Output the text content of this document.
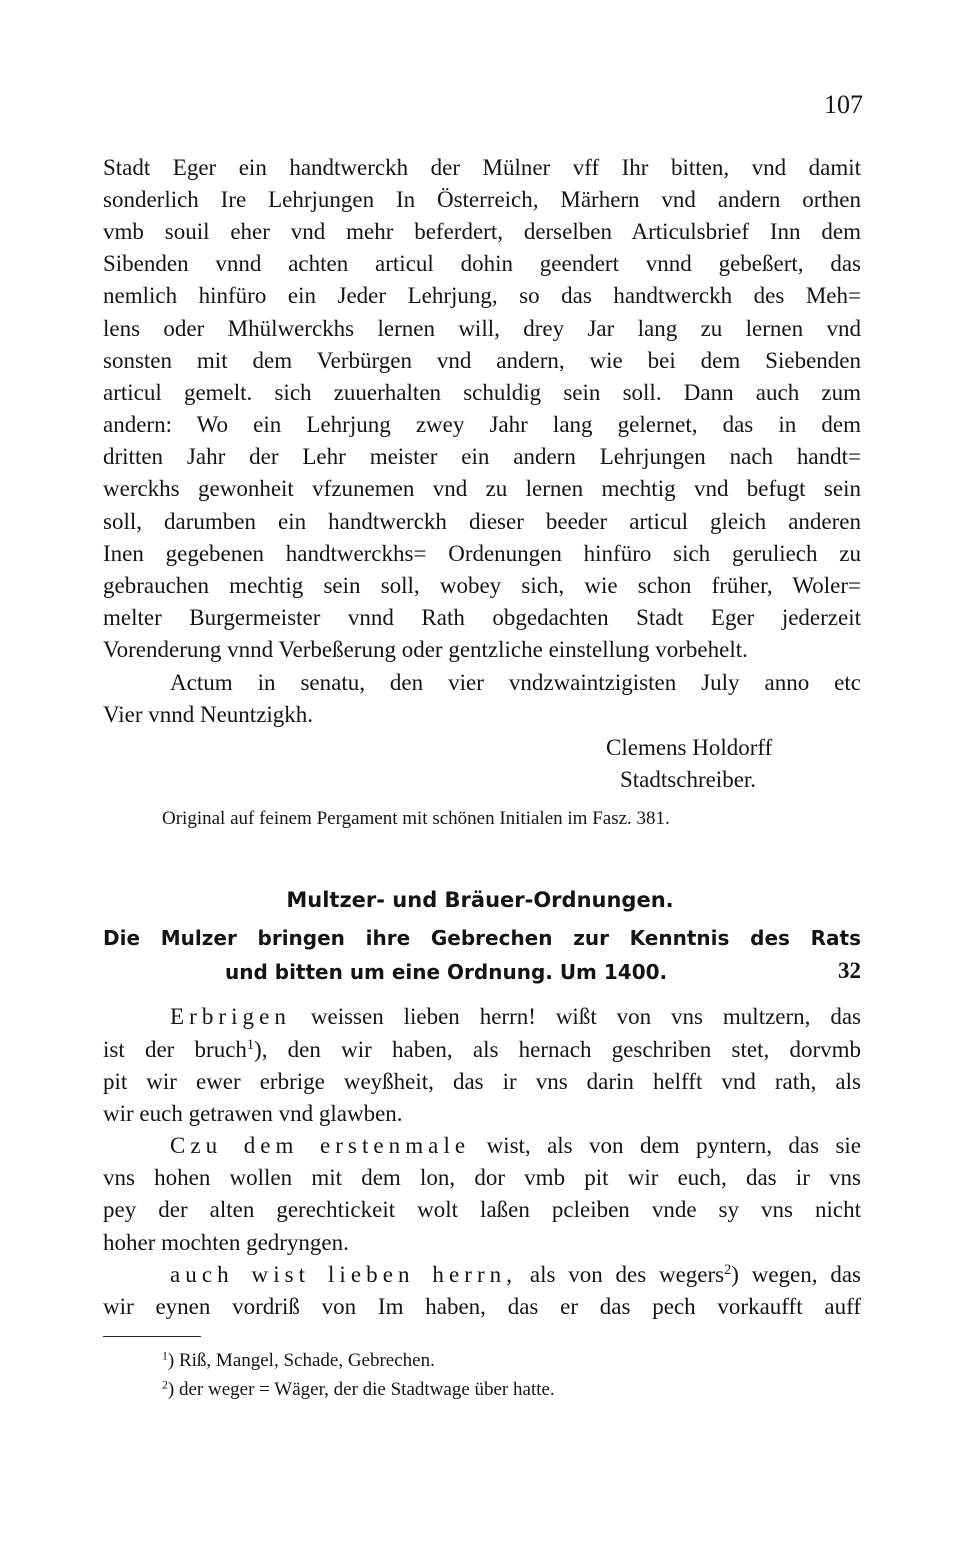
107
Stadt Eger ein handtwerckh der Mülner vff Ihr bitten, vnd damit
sonderlich Ire Lehrjungen In Österreich, Märhern vnd andern orthen
vmb souil eher vnd mehr beferdert, derselben Articulsbrief Inn dem
Sibenden vnnd achten articul dohin geendert vnnd gebeßert, das
nemlich hinfüro ein Jeder Lehrjung, so das handtwerckh des Meh=
lens oder Mhülwerckhs lernen will, drey Jar lang zu lernen vnd
sonsten mit dem Verbürgen vnd andern, wie bei dem Siebenden
articul gemelt. sich zuuerhalten schuldig sein soll. Dann auch zum
andern: Wo ein Lehrjung zwey Jahr lang gelernet, das in dem
dritten Jahr der Lehr meister ein andern Lehrjungen nach handt=
werckhs gewonheit vfzunemen vnd zu lernen mechtig vnd befugt sein
soll, darumben ein handtwerckh dieser beeder articul gleich anderen
Inen gegebenen handtwerckhs= Ordenungen hinfüro sich geruliech zu
gebrauchen mechtig sein soll, wobey sich, wie schon früher, Woler=
melter Burgermeister vnnd Rath obgedachten Stadt Eger jederzeit
Vorenderung vnnd Verbeßerung oder gentzliche einstellung vorbehelt.
Actum in senatu, den vier vndzwaintzigisten July anno etc
Vier vnnd Neuntzigkh.
Clemens Holdorff
Stadtschreiber.
Original auf feinem Pergament mit schönen Initialen im Fasz. 381.
Multzer- und Bräuer-Ordnungen.
Die Mulzer bringen ihre Gebrechen zur Kenntnis des Rats
und bitten um eine Ordnung. Um 1400.	32
Erbrigen weissen lieben herrn! wißt von vns multzern, das
ist der bruch$^1$), den wir haben, als hernach geschriben stet, dorvmb
pit wir ewer erbrige weyßheit, das ir vns darin helfft vnd rath, als
wir euch getrawen vnd glawben.
Czu dem erstenmale wist, als von dem pyntern, das sie
vns hohen wollen mit dem lon, dor vmb pit wir euch, das ir vns
pey der alten gerechtickeit wolt laßen pcleiben vnde sy vns nicht
hoher mochten gedryngen.
auch wist lieben herrn, als von des wegers$^2$) wegen, das
wir eynen vordriß von Im haben, das er das pech vorkaufft auff
$^1$) Riß, Mangel, Schade, Gebrechen.
$^2$) der weger = Wäger, der die Stadtwage über hatte.
